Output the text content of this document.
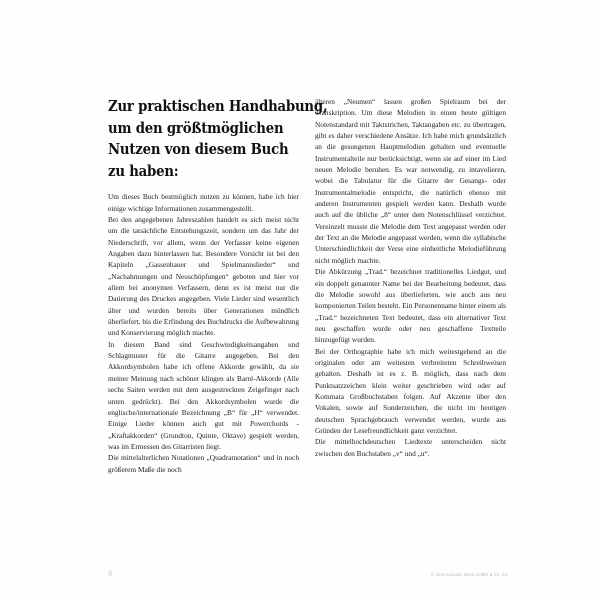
Zur praktischen Handhabung,
um den größtmöglichen
Nutzen von diesem Buch
zu haben:

Um dieses Buch bestmöglich nutzen zu können, habe ich hier einige wichtige Informationen zusammengestellt.

Bei den angegebenen Jahreszahlen handelt es sich meist nicht um die tatsächliche Entstehungszeit, sondern um das Jahr der Niederschrift, vor allem, wenn der Verfasser keine eigenen Angaben dazu hinterlassen hat. Besondere Vorsicht ist bei den Kapiteln „Gassenhauer und Spielmannslieder“ und „Nachahmungen und Neuschöpfungen“ geboten und hier vor allem bei anonymen Verfassern, denn es ist meist nur die Datierung des Druckes angegeben. Viele Lieder sind wesentlich älter und wurden bereits über Generationen mündlich überliefert, bis die Erfindung des Buchdrucks die Aufbewahrung und Konservierung möglich machte.

In diesem Band sind Geschwindigkeitsangaben und Schlagmuster für die Gitarre angegeben. Bei den Akkordsymbolen habe ich offene Akkorde gewählt, da sie meiner Meinung nach schöner klingen als Barré-Akkorde (Alle sechs Saiten werden mit dem ausgestreckten Zeigefinger nach unten gedrückt). Bei den Akkordsymbolen wurde die englische/internationale Bezeichnung „B“ für „H“ verwendet. Einige Lieder können auch gut mit Powerchords - „Kraftakkorden“ (Grundton, Quinte, Oktave) gespielt werden, was im Ermessen des Gitarristen liegt.

Die mittelalterlichen Notationen „Quadratnotation“ und in noch größerem Maße die noch

älteren „Neumen“ lassen großen Spielraum bei der Transkription. Um diese Melodien in einen heute gültigen Notenstandard mit Taktstrichen, Taktangaben etc. zu übertragen, gibt es daher verschiedene Ansätze. Ich habe mich grundsätzlich an die gesungenen Hauptmelodien gehalten und eventuelle Instrumentalteile nur berücksichtigt, wenn sie auf einer im Lied neuen Melodie beruhen. Es war notwendig, zu intavolieren, wobei die Tabulatur für die Gitarre der Gesangs- oder Instrumentalmelodie entspricht, die natürlich ebenso mit anderen Instrumenten gespielt werden kann. Deshalb wurde auch auf die übliche „8“ unter dem Notenschlüssel verzichtet. Vereinzelt musste die Melodie dem Text angepasst werden oder der Text an die Melodie angepasst werden, wenn die syllabische Unterschiedlichkeit der Verse eine einheitliche Melodieführung nicht möglich machte.

Die Abkürzung „Trad.“ bezeichnet traditionelles Liedgut, und ein doppelt genannter Name bei der Bearbeitung bedeutet, dass die Melodie sowohl aus überlieferten, wie auch aus neu komponierten Teilen besteht. Ein Personenname hinter einem als „Trad.“ bezeichneten Text bedeutet, dass ein alternativer Text neu geschaffen wurde oder neu geschaffene Textteile hinzugefügt wurden.

Bei der Orthographie habe ich mich weitestgehend an die originalen oder am weitesten verbreiteten Schreibweisen gehalten. Deshalb ist es z. B. möglich, dass nach dem Punktsatzzeichen klein weiter geschrieben wird oder auf Kommata Großbuchstaben folgen. Auf Akzente über den Vokalen, sowie auf Sonderzeichen, die nicht im heutigen deutschen Sprachgebrauch verwendet werden, wurde aus Gründen der Lesefreundlichkeit ganz verzichtet.

Die mittelhochdeutschen Liedtexte unterscheiden nicht zwischen den Buchstaben „v“ und „u“.

6	© 2018 Acoustic Music GmbH & Co. KG
